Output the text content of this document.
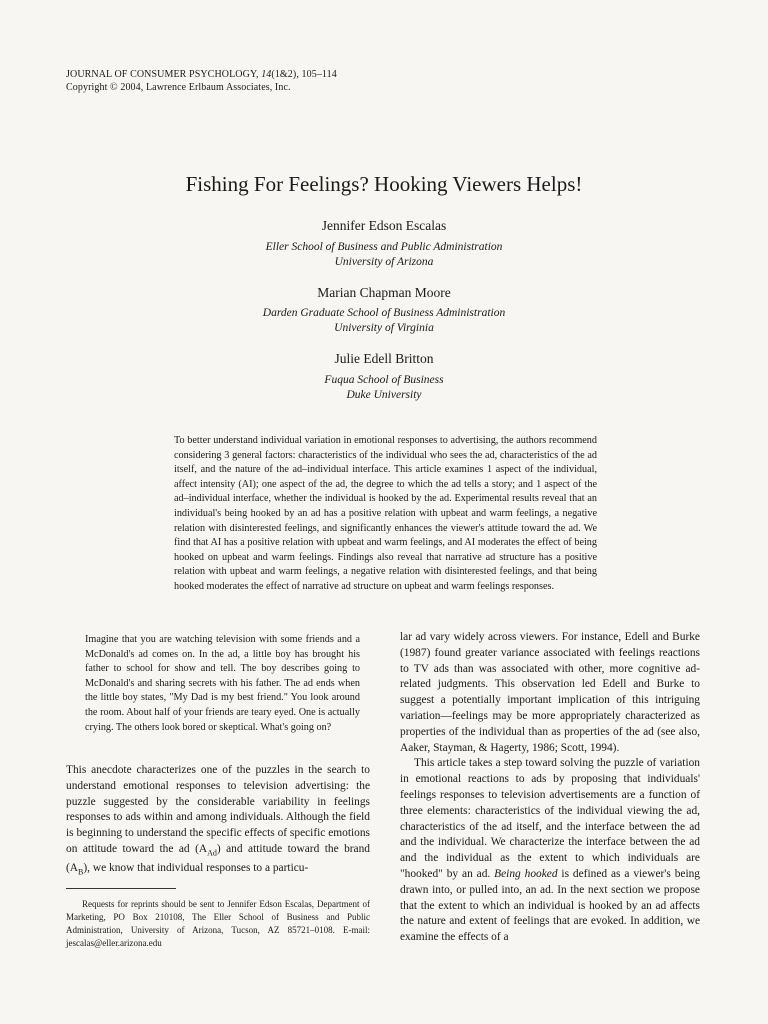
JOURNAL OF CONSUMER PSYCHOLOGY, 14(1&2), 105–114
Copyright © 2004, Lawrence Erlbaum Associates, Inc.
Fishing For Feelings? Hooking Viewers Helps!
Jennifer Edson Escalas
Eller School of Business and Public Administration
University of Arizona
Marian Chapman Moore
Darden Graduate School of Business Administration
University of Virginia
Julie Edell Britton
Fuqua School of Business
Duke University
To better understand individual variation in emotional responses to advertising, the authors recommend considering 3 general factors: characteristics of the individual who sees the ad, characteristics of the ad itself, and the nature of the ad–individual interface. This article examines 1 aspect of the individual, affect intensity (AI); one aspect of the ad, the degree to which the ad tells a story; and 1 aspect of the ad–individual interface, whether the individual is hooked by the ad. Experimental results reveal that an individual's being hooked by an ad has a positive relation with upbeat and warm feelings, a negative relation with disinterested feelings, and significantly enhances the viewer's attitude toward the ad. We find that AI has a positive relation with upbeat and warm feelings, and AI moderates the effect of being hooked on upbeat and warm feelings. Findings also reveal that narrative ad structure has a positive relation with upbeat and warm feelings, a negative relation with disinterested feelings, and that being hooked moderates the effect of narrative ad structure on upbeat and warm feelings responses.
Imagine that you are watching television with some friends and a McDonald's ad comes on. In the ad, a little boy has brought his father to school for show and tell. The boy describes going to McDonald's and sharing secrets with his father. The ad ends when the little boy states, "My Dad is my best friend." You look around the room. About half of your friends are teary eyed. One is actually crying. The others look bored or skeptical. What's going on?

This anecdote characterizes one of the puzzles in the search to understand emotional responses to television advertising: the puzzle suggested by the considerable variability in feelings responses to ads within and among individuals. Although the field is beginning to understand the specific effects of specific emotions on attitude toward the ad $(A_{Ad})$ and attitude toward the brand $(A_B)$, we know that individual responses to a particu-

Requests for reprints should be sent to Jennifer Edson Escalas, Department of Marketing, PO Box 210108, The Eller School of Business and Public Administration, University of Arizona, Tucson, AZ 85721–0108. E-mail: jescalas@eller.arizona.edu

lar ad vary widely across viewers. For instance, Edell and Burke (1987) found greater variance associated with feelings reactions to TV ads than was associated with other, more cognitive ad-related judgments. This observation led Edell and Burke to suggest a potentially important implication of this intriguing variation—feelings may be more appropriately characterized as properties of the individual than as properties of the ad (see also, Aaker, Stayman, & Hagerty, 1986; Scott, 1994).

This article takes a step toward solving the puzzle of variation in emotional reactions to ads by proposing that individuals' feelings responses to television advertisements are a function of three elements: characteristics of the individual viewing the ad, characteristics of the ad itself, and the interface between the ad and the individual. We characterize the interface between the ad and the individual as the extent to which individuals are "hooked" by an ad. Being hooked is defined as a viewer's being drawn into, or pulled into, an ad. In the next section we propose that the extent to which an individual is hooked by an ad affects the nature and extent of feelings that are evoked. In addition, we examine the effects of a
